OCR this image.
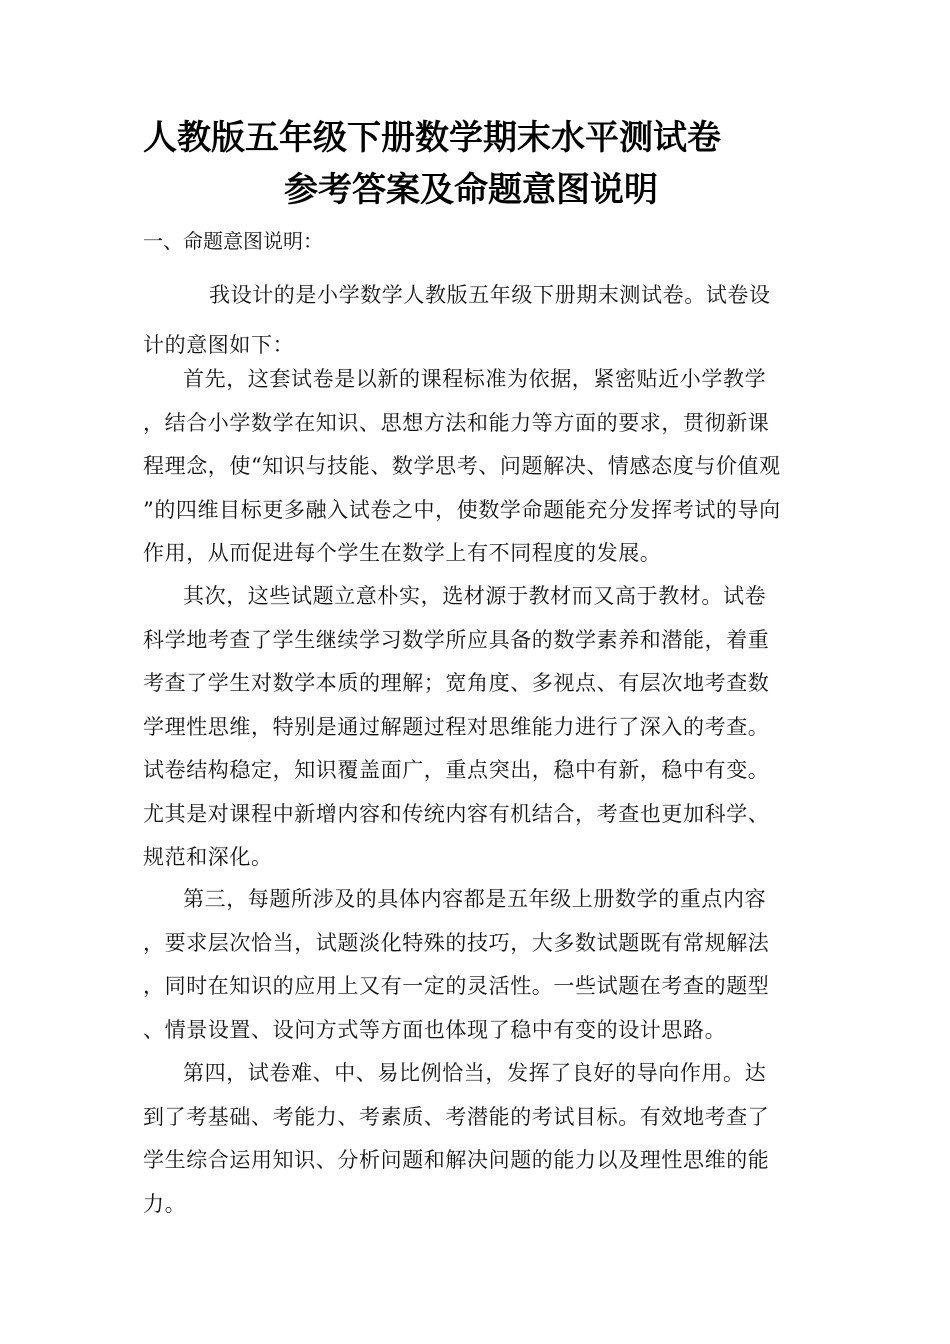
人教版五年级下册数学期末水平测试卷
参考答案及命题意图说明
一、命题意图说明：
我设计的是小学数学人教版五年级下册期末测试卷。试卷设
计的意图如下：
首先，这套试卷是以新的课程标准为依据，紧密贴近小学教学
，结合小学数学在知识、思想方法和能力等方面的要求，贯彻新课
程理念，使“知识与技能、数学思考、问题解决、情感态度与价值观
”的四维目标更多融入试卷之中，使数学命题能充分发挥考试的导向
作用，从而促进每个学生在数学上有不同程度的发展。
其次，这些试题立意朴实，选材源于教材而又高于教材。试卷
科学地考查了学生继续学习数学所应具备的数学素养和潜能，着重
考查了学生对数学本质的理解；宽角度、多视点、有层次地考查数
学理性思维，特别是通过解题过程对思维能力进行了深入的考查。
试卷结构稳定，知识覆盖面广，重点突出，稳中有新，稳中有变。
尤其是对课程中新增内容和传统内容有机结合，考查也更加科学、
规范和深化。
第三，每题所涉及的具体内容都是五年级上册数学的重点内容
，要求层次恰当，试题淡化特殊的技巧，大多数试题既有常规解法
，同时在知识的应用上又有一定的灵活性。一些试题在考查的题型
、情景设置、设问方式等方面也体现了稳中有变的设计思路。
第四，试卷难、中、易比例恰当，发挥了良好的导向作用。达
到了考基础、考能力、考素质、考潜能的考试目标。有效地考查了
学生综合运用知识、分析问题和解决问题的能力以及理性思维的能
力。
